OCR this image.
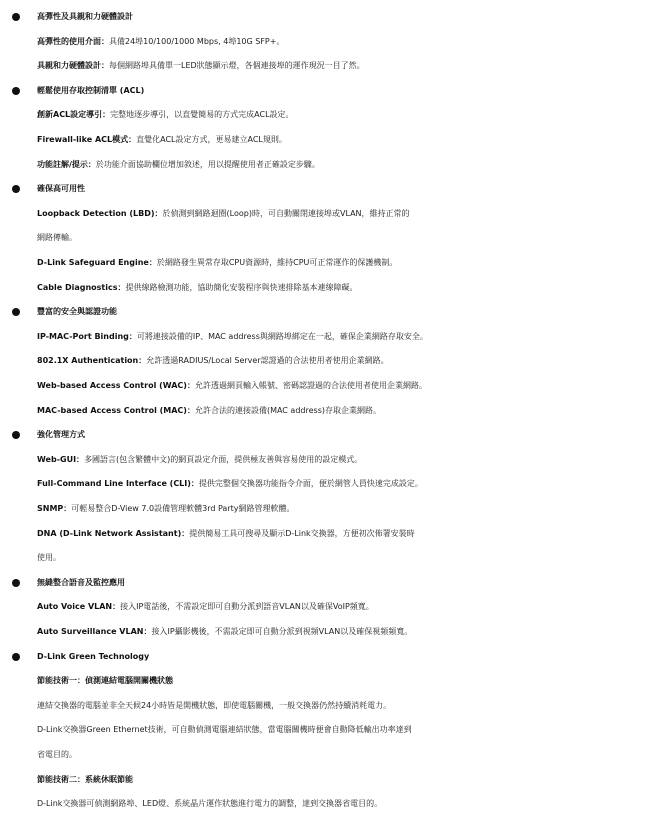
高彈性及具親和力硬體設計
高彈性的使用介面：具備24埠10/100/1000 Mbps, 4埠10G SFP+。
具親和力硬體設計：每個網路埠具備單一LED狀態顯示燈，各個連接埠的運作現況一目了然。
輕鬆使用存取控制清單 (ACL)
創新ACL設定導引：完整地逐步導引，以直覺簡易的方式完成ACL設定。
Firewall-like ACL模式：直覺化ACL設定方式，更易建立ACL規則。
功能註解/提示：於功能介面協助欄位增加敘述，用以提醒使用者正確設定步驟。
確保高可用性
Loopback Detection (LBD)：於偵測到網路迴圈(Loop)時，可自動關閉連接埠或VLAN，維持正常的
網路傳輸。
D-Link Safeguard Engine：於網路發生異常存取CPU資源時，維持CPU可正常運作的保護機制。
Cable Diagnostics：提供線路檢測功能，協助簡化安裝程序與快速排除基本連線障礙。
豐富的安全與認證功能
IP-MAC-Port Binding：可將連接設備的IP、MAC address與網路埠綁定在一起，確保企業網路存取安全。
802.1X Authentication：允許透過RADIUS/Local Server認證過的合法使用者使用企業網路。
Web-based Access Control (WAC)：允許透過網頁輸入帳號、密碼認證過的合法使用者使用企業網路。
MAC-based Access Control (MAC)：允許合法的連接設備(MAC address)存取企業網路。
強化管理方式
Web-GUI：多國語言(包含繁體中文)的網頁設定介面，提供極友善與容易使用的設定模式。
Full-Command Line Interface (CLI)：提供完整個交換器功能指令介面，便於網管人員快速完成設定。
SNMP：可輕易整合D-View 7.0設備管理軟體3rd Party網路管理軟體。
DNA (D-Link Network Assistant)：提供簡易工具可搜尋及顯示D-Link交換器，方便初次佈署安裝時
使用。
無縫整合語音及監控應用
Auto Voice VLAN：接入IP電話後，不需設定即可自動分派到語音VLAN以及確保VoIP頻寬。
Auto Surveillance VLAN：接入IP攝影機後，不需設定即可自動分派到視頻VLAN以及確保視頻頻寬。
D-Link Green Technology
節能技術一：偵測連結電腦開關機狀態
連結交換器的電腦並非全天候24小時皆是開機狀態，即使電腦關機，一般交換器仍然持續消耗電力。
D-Link交換器Green Ethernet技術，可自動偵測電腦連結狀態，當電腦關機時便會自動降低輸出功率達到
省電目的。
節能技術二：系統休眠節能
D-Link交換器可偵測網路埠、LED燈、系統晶片運作狀態進行電力的調整，達到交換器省電目的。
